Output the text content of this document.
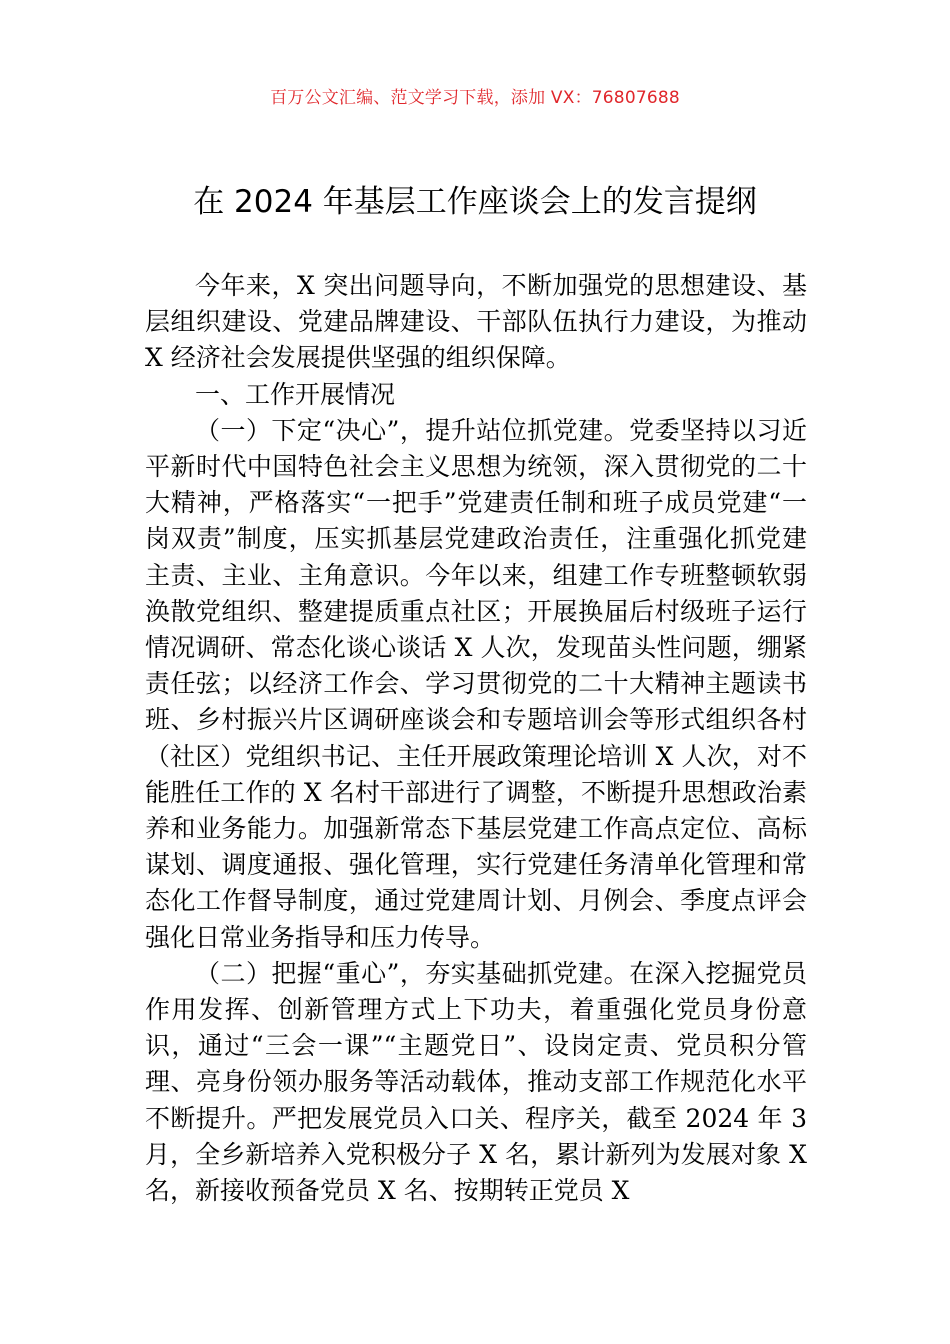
百万公文汇编、范文学习下载，添加 VX：76807688
在 2024 年基层工作座谈会上的发言提纲

今年来，X 突出问题导向，不断加强党的思想建设、基层组织建设、党建品牌建设、干部队伍执行力建设，为推动 X 经济社会发展提供坚强的组织保障。

一、工作开展情况

（一）下定“决心”，提升站位抓党建。党委坚持以习近平新时代中国特色社会主义思想为统领，深入贯彻党的二十大精神，严格落实“一把手”党建责任制和班子成员党建“一岗双责”制度，压实抓基层党建政治责任，注重强化抓党建主责、主业、主角意识。今年以来，组建工作专班整顿软弱涣散党组织、整建提质重点社区；开展换届后村级班子运行情况调研、常态化谈心谈话 X 人次，发现苗头性问题，绷紧责任弦；以经济工作会、学习贯彻党的二十大精神主题读书班、乡村振兴片区调研座谈会和专题培训会等形式组织各村（社区）党组织书记、主任开展政策理论培训 X 人次，对不能胜任工作的 X 名村干部进行了调整，不断提升思想政治素养和业务能力。加强新常态下基层党建工作高点定位、高标谋划、调度通报、强化管理，实行党建任务清单化管理和常态化工作督导制度，通过党建周计划、月例会、季度点评会强化日常业务指导和压力传导。

（二）把握“重心”，夯实基础抓党建。在深入挖掘党员作用发挥、创新管理方式上下功夫，着重强化党员身份意识，通过“三会一课”“主题党日”、设岗定责、党员积分管理、亮身份领办服务等活动载体，推动支部工作规范化水平不断提升。严把发展党员入口关、程序关，截至 2024 年 3 月，全乡新培养入党积极分子 X 名，累计新列为发展对象 X 名，新接收预备党员 X 名、按期转正党员 X
